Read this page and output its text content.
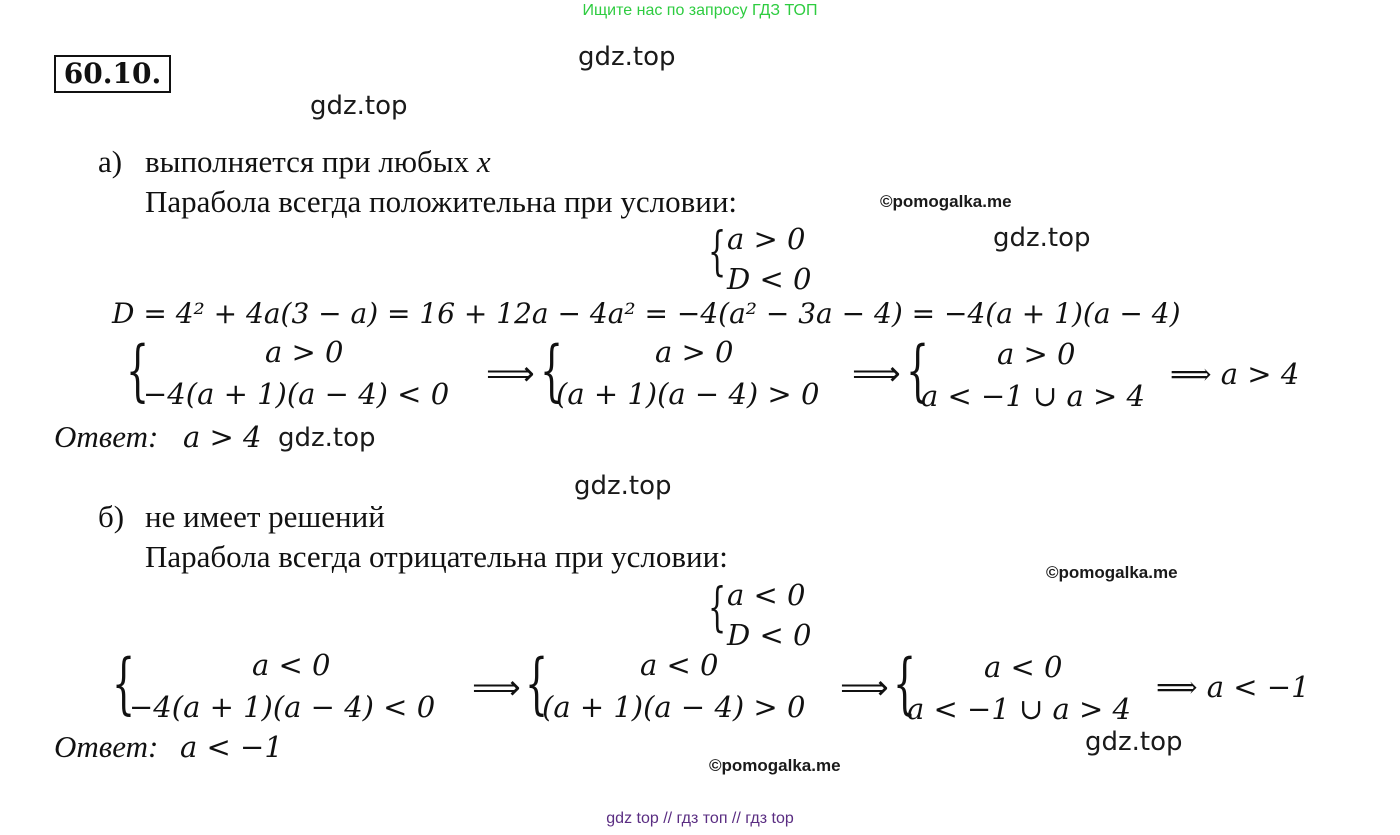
Ищите нас по запросу ГДЗ ТОП
60.10.	gdz.top
gdz.top
gdz.top
gdz.top
gdz.top
gdz.top
©pomogalka.me
©pomogalka.me
©pomogalka.me
а) выполняется при любых x
Парабола всегда положительна при условии:
{ a > 0
D < 0
D = 4² + 4a(3 − a) = 16 + 12a − 4a² = −4(a² − 3a − 4) = −4(a + 1)(a − 4)
{	a > 0
−4(a + 1)(a − 4) < 0 ⟹ {	a > 0
(a + 1)(a − 4) > 0 ⟹ { a > 0
a < −1 ∪ a > 4
⟹ a > 4
Ответ: a > 4
б) не имеет решений
Парабола всегда отрицательна при условии:
{ a < 0
D < 0
{	a < 0
−4(a + 1)(a − 4) < 0 ⟹ {	a < 0
(a + 1)(a − 4) > 0 ⟹ { a < 0
a < −1 ∪ a > 4
⟹ a < −1
Ответ: a < −1
gdz top // гдз топ // гдз top
